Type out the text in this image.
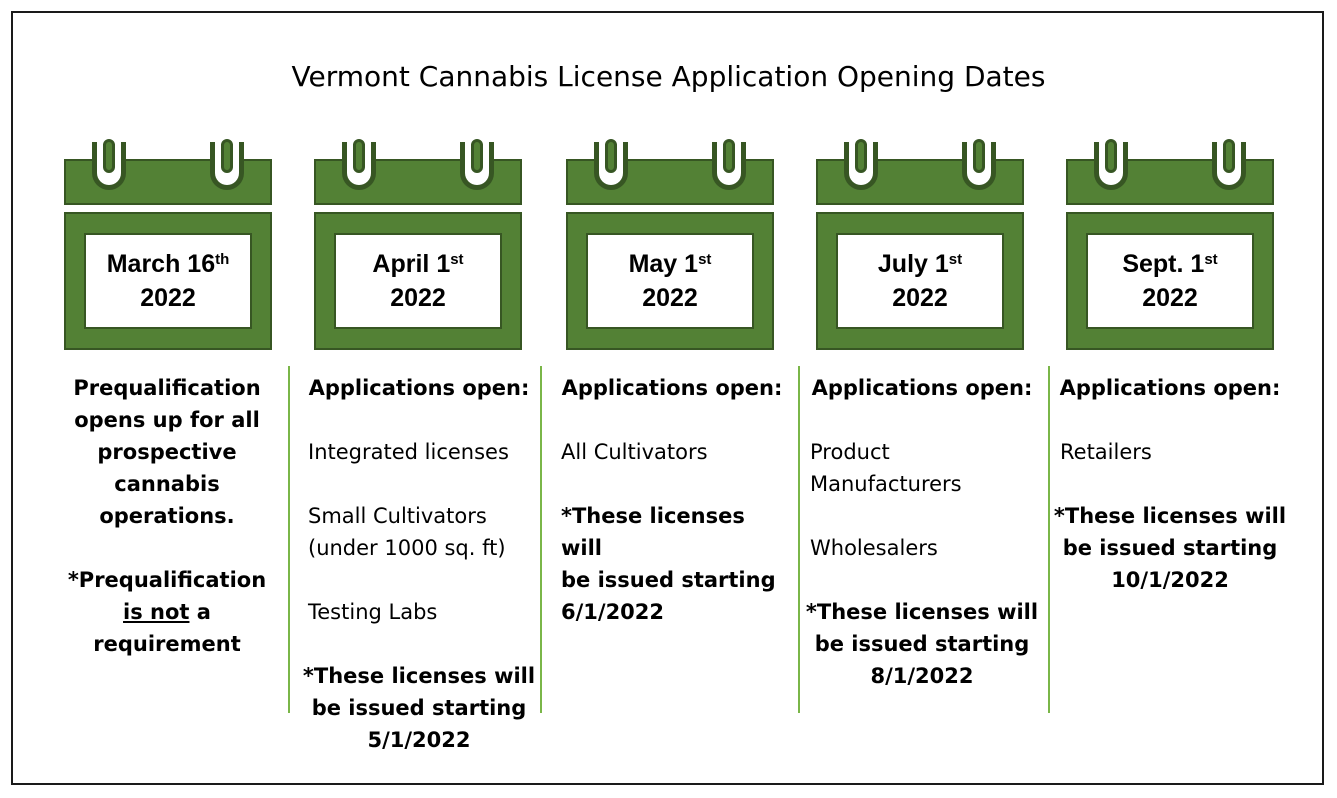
Vermont Cannabis License Application Opening Dates
March 16th
2022
April 1st
2022
May 1st
2022
July 1st
2022
Sept. 1st
2022

Prequalification

opens up for all

prospective

cannabis

operations.

*Prequalification

is not a

requirement

Applications open:

Integrated licenses

Small Cultivators (under 1000 sq. ft)

Testing Labs

*These licenses will

be issued starting

5/1/2022

Applications open:

All Cultivators

*These licenses will

be issued starting

6/1/2022

Applications open:

Product Manufacturers

Wholesalers

*These licenses will

be issued starting

8/1/2022

Applications open:

Retailers

*These licenses will

be issued starting

10/1/2022
